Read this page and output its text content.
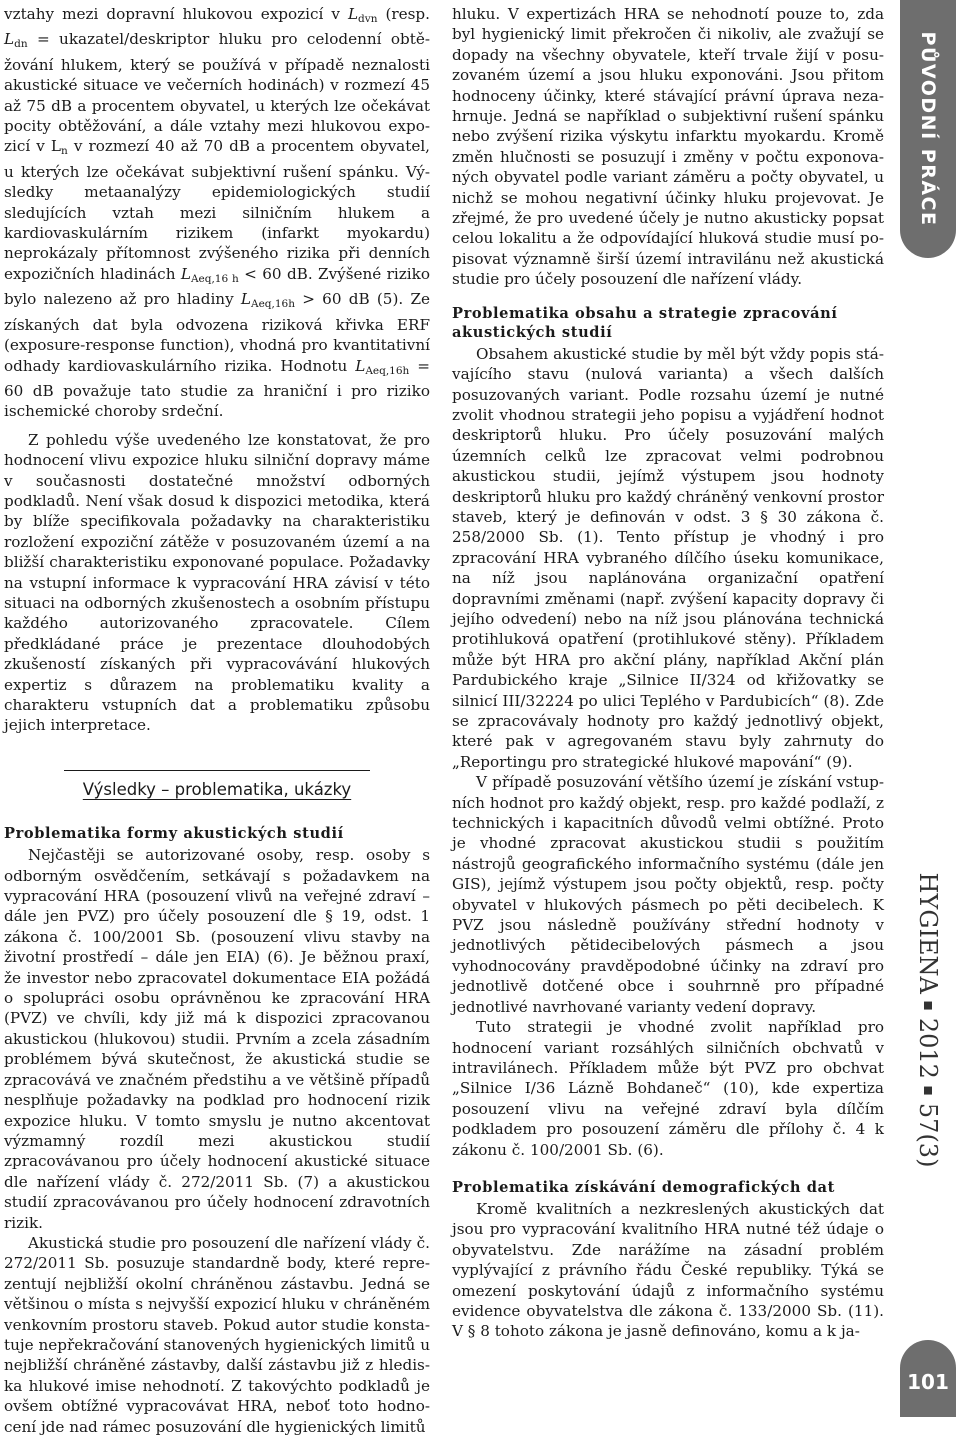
vztahy mezi dopravní hlukovou expozicí v $L_{dvn}$ (resp. $L_{dn}$ = ukazatel/deskriptor hluku pro celodenní obtěžování hlukem, který se používá v případě neznalosti akustické situace ve večerních hodinách) v rozmezí 45 až 75 dB a procentem obyvatel, u kterých lze očekávat pocity obtěžování, a dále vztahy mezi hlukovou expozicí v $L_n$ v rozmezí 40 až 70 dB a procentem obyvatel, u kterých lze očekávat subjektivní rušení spánku. Výsledky metaanalýzy epidemiologických studií sledujících vztah mezi silničním hlukem a kardiovaskulárním rizikem (infarkt myokardu) neprokázaly přítomnost zvýšeného rizika při denních expozičních hladinách $L_{Aeq,16 h} < 60$ dB. Zvýšené riziko bylo nalezeno až pro hladiny $L_{Aeq,16h} > 60$ dB (5). Ze získaných dat byla odvozena riziková křivka ERF (exposure-response function), vhodná pro kvantitativní odhady kardiovaskulárního rizika. Hodnotu $L_{Aeq,16h} = 60$ dB považuje tato studie za hraniční i pro riziko ischemické choroby srdeční.

Z pohledu výše uvedeného lze konstatovat, že pro hodnocení vlivu expozice hluku silniční dopravy máme v současnosti dostatečné množství odborných podkladů. Není však dosud k dispozici metodika, která by blíže specifikovala požadavky na charakteristiku rozložení expoziční zátěže v posuzovaném území a na bližší charakteristiku exponované populace. Požadavky na vstupní informace k vypracování HRA závisí v této situaci na odborných zkušenostech a osobním přístupu každého autorizovaného zpracovatele. Cílem předkládané práce je prezentace dlouhodobých zkušeností získaných při vypracovávání hlukových expertiz s důrazem na problematiku kvality a charakteru vstupních dat a problematiku způsobu jejich interpretace.

Výsledky – problematika, ukázky
Problematika formy akustických studií

Nejčastěji se autorizované osoby, resp. osoby s odborným osvědčením, setkávají s požadavkem na vypracování HRA (posouzení vlivů na veřejné zdraví – dále jen PVZ) pro účely posouzení dle § 19, odst. 1 zákona č. 100/2001 Sb. (posouzení vlivu stavby na životní prostředí – dále jen EIA) (6). Je běžnou praxí, že investor nebo zpracovatel dokumentace EIA požádá o spolupráci osobu oprávněnou ke zpracování HRA (PVZ) ve chvíli, kdy již má k dispozici zpracovanou akustickou (hlukovou) studii. Prvním a zcela zásadním problémem bývá skutečnost, že akustická studie se zpracovává ve značném předstihu a ve většině případů nesplňuje požadavky na podklad pro hodnocení rizik expozice hluku. V tomto smyslu je nutno akcentovat výzmamný rozdíl mezi akustickou studií zpracovávanou pro účely hodnocení akustické situace dle nařízení vlády č. 272/2011 Sb. (7) a akustickou studií zpracovávanou pro účely hodnocení zdravotních rizik.

Akustická studie pro posouzení dle nařízení vlády č. 272/2011 Sb. posuzuje standardně body, které reprezentují nejbližší okolní chráněnou zástavbu. Jedná se většinou o místa s nejvyšší expozicí hluku v chráněném venkovním prostoru staveb. Pokud autor studie konstatuje nepřekračování stanovených hygienických limitů u nejbližší chráněné zástavby, další zástavbu již z hlediska hlukové imise nehodnotí. Z takovýchto podkladů je ovšem obtížné vypracovávat HRA, neboť toto hodnocení jde nad rámec posuzování dle hygienických limitů

hluku. V expertizách HRA se nehodnotí pouze to, zda byl hygienický limit překročen či nikoliv, ale zvažují se dopady na všechny obyvatele, kteří trvale žijí v posuzovaném území a jsou hluku exponováni. Jsou přitom hodnoceny účinky, které stávající právní úprava nezahrnuje. Jedná se například o subjektivní rušení spánku nebo zvýšení rizika výskytu infarktu myokardu. Kromě změn hlučnosti se posuzují i změny v počtu exponovaných obyvatel podle variant záměru a počty obyvatel, u nichž se mohou negativní účinky hluku projevovat. Je zřejmé, že pro uvedené účely je nutno akusticky popsat celou lokalitu a že odpovídající hluková studie musí popisovat významně širší území intravilánu než akustická studie pro účely posouzení dle nařízení vlády.

Problematika obsahu a strategie zpracování akustických studií

Obsahem akustické studie by měl být vždy popis stávajícího stavu (nulová varianta) a všech dalších posuzovaných variant. Podle rozsahu území je nutné zvolit vhodnou strategii jeho popisu a vyjádření hodnot deskriptorů hluku. Pro účely posuzování malých územních celků lze zpracovat velmi podrobnou akustickou studii, jejímž výstupem jsou hodnoty deskriptorů hluku pro každý chráněný venkovní prostor staveb, který je definován v odst. 3 § 30 zákona č. 258/2000 Sb. (1). Tento přístup je vhodný i pro zpracování HRA vybraného dílčího úseku komunikace, na níž jsou naplánována organizační opatření dopravními změnami (např. zvýšení kapacity dopravy či jejího odvedení) nebo na níž jsou plánována technická protihluková opatření (protihlukové stěny). Příkladem může být HRA pro akční plány, například Akční plán Pardubického kraje „Silnice II/324 od křižovatky se silnicí III/32224 po ulici Teplého v Pardubicích“ (8). Zde se zpracovávaly hodnoty pro každý jednotlivý objekt, které pak v agregovaném stavu byly zahrnuty do „Reportingu pro strategické hlukové mapování“ (9).

V případě posuzování většího území je získání vstupních hodnot pro každý objekt, resp. pro každé podlaží, z technických i kapacitních důvodů velmi obtížné. Proto je vhodné zpracovat akustickou studii s použitím nástrojů geografického informačního systému (dále jen GIS), jejímž výstupem jsou počty objektů, resp. počty obyvatel v hlukových pásmech po pěti decibelech. K PVZ jsou následně používány střední hodnoty v jednotlivých pětidecibelových pásmech a jsou vyhodnocovány pravděpodobné účinky na zdraví pro jednotlivě dotčené obce i souhrnně pro případné jednotlivé navrhované varianty vedení dopravy.

Tuto strategii je vhodné zvolit například pro hodnocení variant rozsáhlých silničních obchvatů v intravilánech. Příkladem může být PVZ pro obchvat „Silnice I/36 Lázně Bohdaneč“ (10), kde expertiza posouzení vlivu na veřejné zdraví byla dílčím podkladem pro posouzení záměru dle přílohy č. 4 k zákonu č. 100/2001 Sb. (6).

Problematika získávání demografických dat

Kromě kvalitních a nezkreslených akustických dat jsou pro vypracování kvalitního HRA nutné též údaje o obyvatelstvu. Zde narážíme na zásadní problém vyplývající z právního řádu České republiky. Týká se omezení poskytování údajů z informačního systému evidence obyvatelstva dle zákona č. 133/2000 Sb. (11). V § 8 tohoto zákona je jasně definováno, komu a k ja-

PŮVODNÍ PRÁCE
HYGIENA201257(3)
101
